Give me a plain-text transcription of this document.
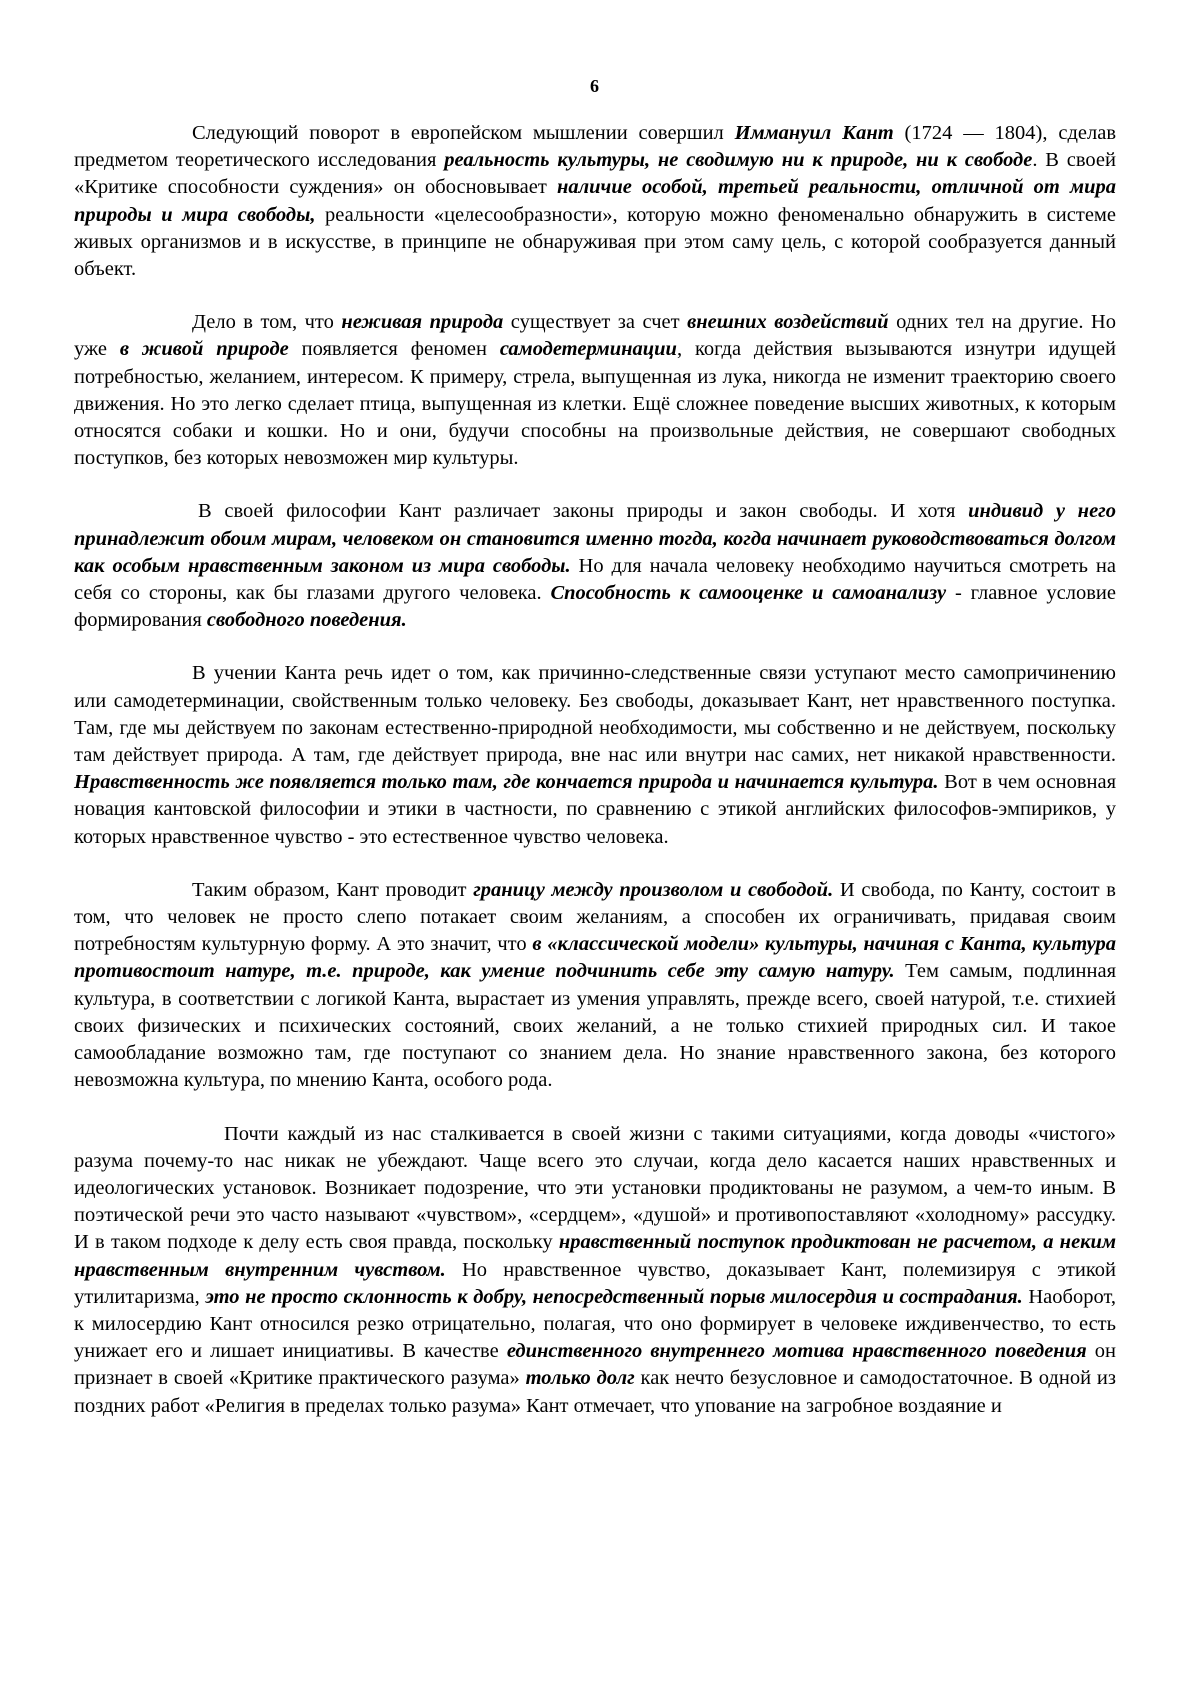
6

Следующий поворот в европейском мышлении совершил Иммануил Кант (1724 — 1804), сделав предметом теоретического исследования реальность культуры, не сводимую ни к природе, ни к свободе. В своей «Критике способности суждения» он обосновывает наличие особой, третьей реальности, отличной от мира природы и мира свободы, реальности «целесообразности», которую можно феноменально обнаружить в системе живых организмов и в искусстве, в принципе не обнаруживая при этом саму цель, с которой сообразуется данный объект.

Дело в том, что неживая природа существует за счет внешних воздействий одних тел на другие. Но уже в живой природе появляется феномен самодетерминации, когда действия вызываются изнутри идущей потребностью, желанием, интересом. К примеру, стрела, выпущенная из лука, никогда не изменит траекторию своего движения. Но это легко сделает птица, выпущенная из клетки. Ещё сложнее поведение высших животных, к которым относятся собаки и кошки. Но и они, будучи способны на произвольные действия, не совершают свободных поступков, без которых невозможен мир культуры.

В своей философии Кант различает законы природы и закон свободы. И хотя индивид у него принадлежит обоим мирам, человеком он становится именно тогда, когда начинает руководствоваться долгом как особым нравственным законом из мира свободы. Но для начала человеку необходимо научиться смотреть на себя со стороны, как бы глазами другого человека. Способность к самооценке и самоанализу - главное условие формирования свободного поведения.

В учении Канта речь идет о том, как причинно-следственные связи уступают место самопричинению или самодетерминации, свойственным только человеку. Без свободы, доказывает Кант, нет нравственного поступка. Там, где мы действуем по законам естественно-природной необходимости, мы собственно и не действуем, поскольку там действует природа. А там, где действует природа, вне нас или внутри нас самих, нет никакой нравственности. Нравственность же появляется только там, где кончается природа и начинается культура. Вот в чем основная новация кантовской философии и этики в частности, по сравнению с этикой английских философов-эмпириков, у которых нравственное чувство - это естественное чувство человека.

Таким образом, Кант проводит границу между произволом и свободой. И свобода, по Канту, состоит в том, что человек не просто слепо потакает своим желаниям, а способен их ограничивать, придавая своим потребностям культурную форму. А это значит, что в «классической модели» культуры, начиная с Канта, культура противостоит натуре, т.е. природе, как умение подчинить себе эту самую натуру. Тем самым, подлинная культура, в соответствии с логикой Канта, вырастает из умения управлять, прежде всего, своей натурой, т.е. стихией своих физических и психических состояний, своих желаний, а не только стихией природных сил. И такое самообладание возможно там, где поступают со знанием дела. Но знание нравственного закона, без которого невозможна культура, по мнению Канта, особого рода.

Почти каждый из нас сталкивается в своей жизни с такими ситуациями, когда доводы «чистого» разума почему-то нас никак не убеждают. Чаще всего это случаи, когда дело касается наших нравственных и идеологических установок. Возникает подозрение, что эти установки продиктованы не разумом, а чем-то иным. В поэтической речи это часто называют «чувством», «сердцем», «душой» и противопоставляют «холодному» рассудку. И в таком подходе к делу есть своя правда, поскольку нравственный поступок продиктован не расчетом, а неким нравственным внутренним чувством. Но нравственное чувство, доказывает Кант, полемизируя с этикой утилитаризма, это не просто склонность к добру, непосредственный порыв милосердия и сострадания. Наоборот, к милосердию Кант относился резко отрицательно, полагая, что оно формирует в человеке иждивенчество, то есть унижает его и лишает инициативы. В качестве единственного внутреннего мотива нравственного поведения он признает в своей «Критике практического разума» только долг как нечто безусловное и самодостаточное. В одной из поздних работ «Религия в пределах только разума» Кант отмечает, что упование на загробное воздаяние и
